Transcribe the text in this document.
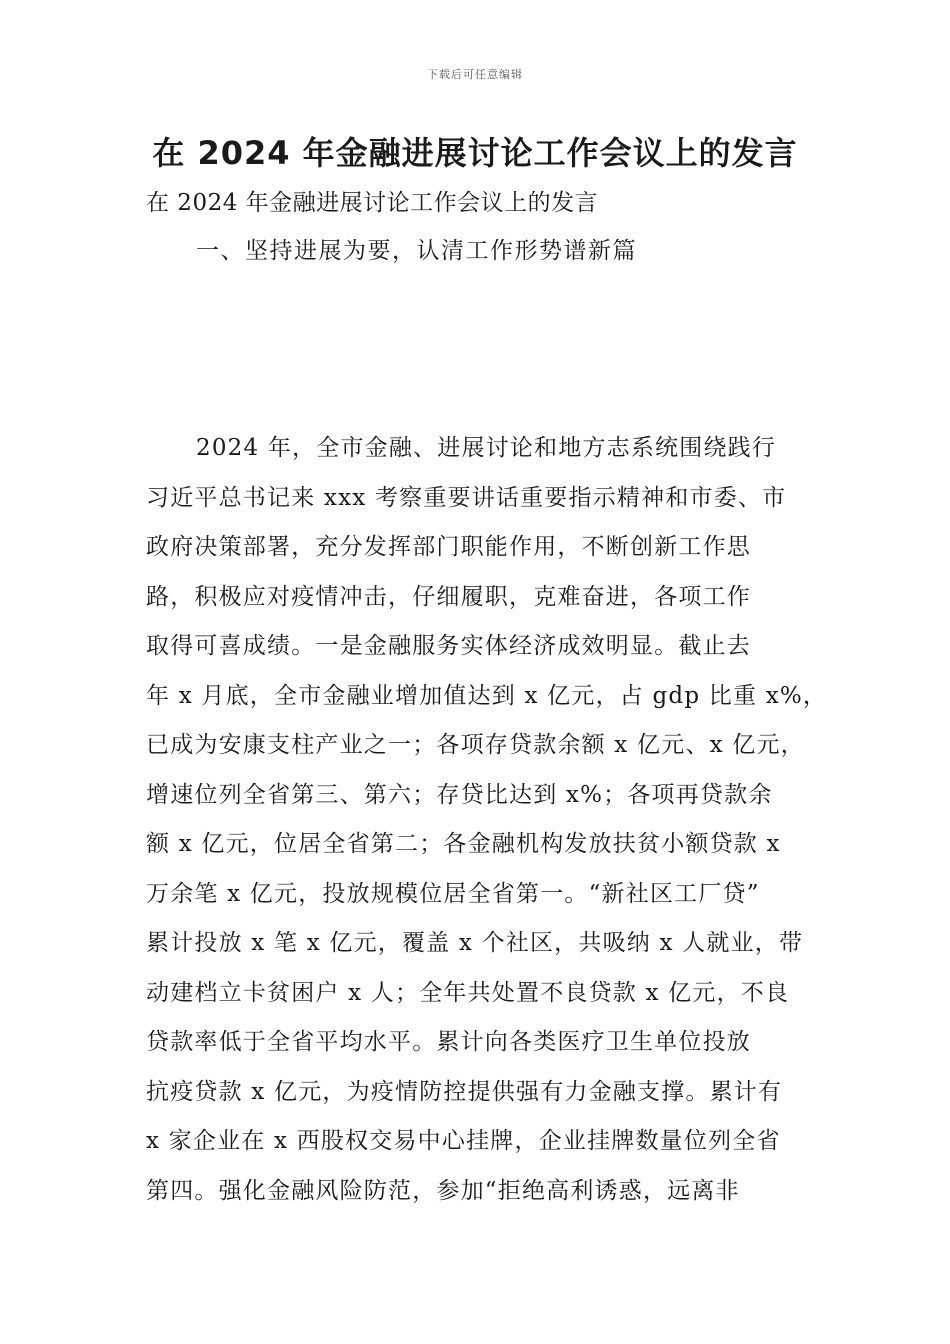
下载后可任意编辑
在 2024 年金融进展讨论工作会议上的发言

在 2024 年金融进展讨论工作会议上的发言

一、坚持进展为要，认清工作形势谱新篇

2024 年，全市金融、进展讨论和地方志系统围绕践行
习近平总书记来 xxx 考察重要讲话重要指示精神和市委、市
政府决策部署，充分发挥部门职能作用，不断创新工作思
路，积极应对疫情冲击，仔细履职，克难奋进，各项工作
取得可喜成绩。一是金融服务实体经济成效明显。截止去
年 x 月底，全市金融业增加值达到 x 亿元，占 gdp 比重 x%，
已成为安康支柱产业之一；各项存贷款余额 x 亿元、x 亿元，
增速位列全省第三、第六；存贷比达到 x%；各项再贷款余
额 x 亿元，位居全省第二；各金融机构发放扶贫小额贷款 x
万余笔 x 亿元，投放规模位居全省第一。“新社区工厂贷”
累计投放 x 笔 x 亿元，覆盖 x 个社区，共吸纳 x 人就业，带
动建档立卡贫困户 x 人；全年共处置不良贷款 x 亿元，不良
贷款率低于全省平均水平。累计向各类医疗卫生单位投放
抗疫贷款 x 亿元，为疫情防控提供强有力金融支撑。累计有
x 家企业在 x 西股权交易中心挂牌，企业挂牌数量位列全省
第四。强化金融风险防范，参加“拒绝高利诱惑，远离非
